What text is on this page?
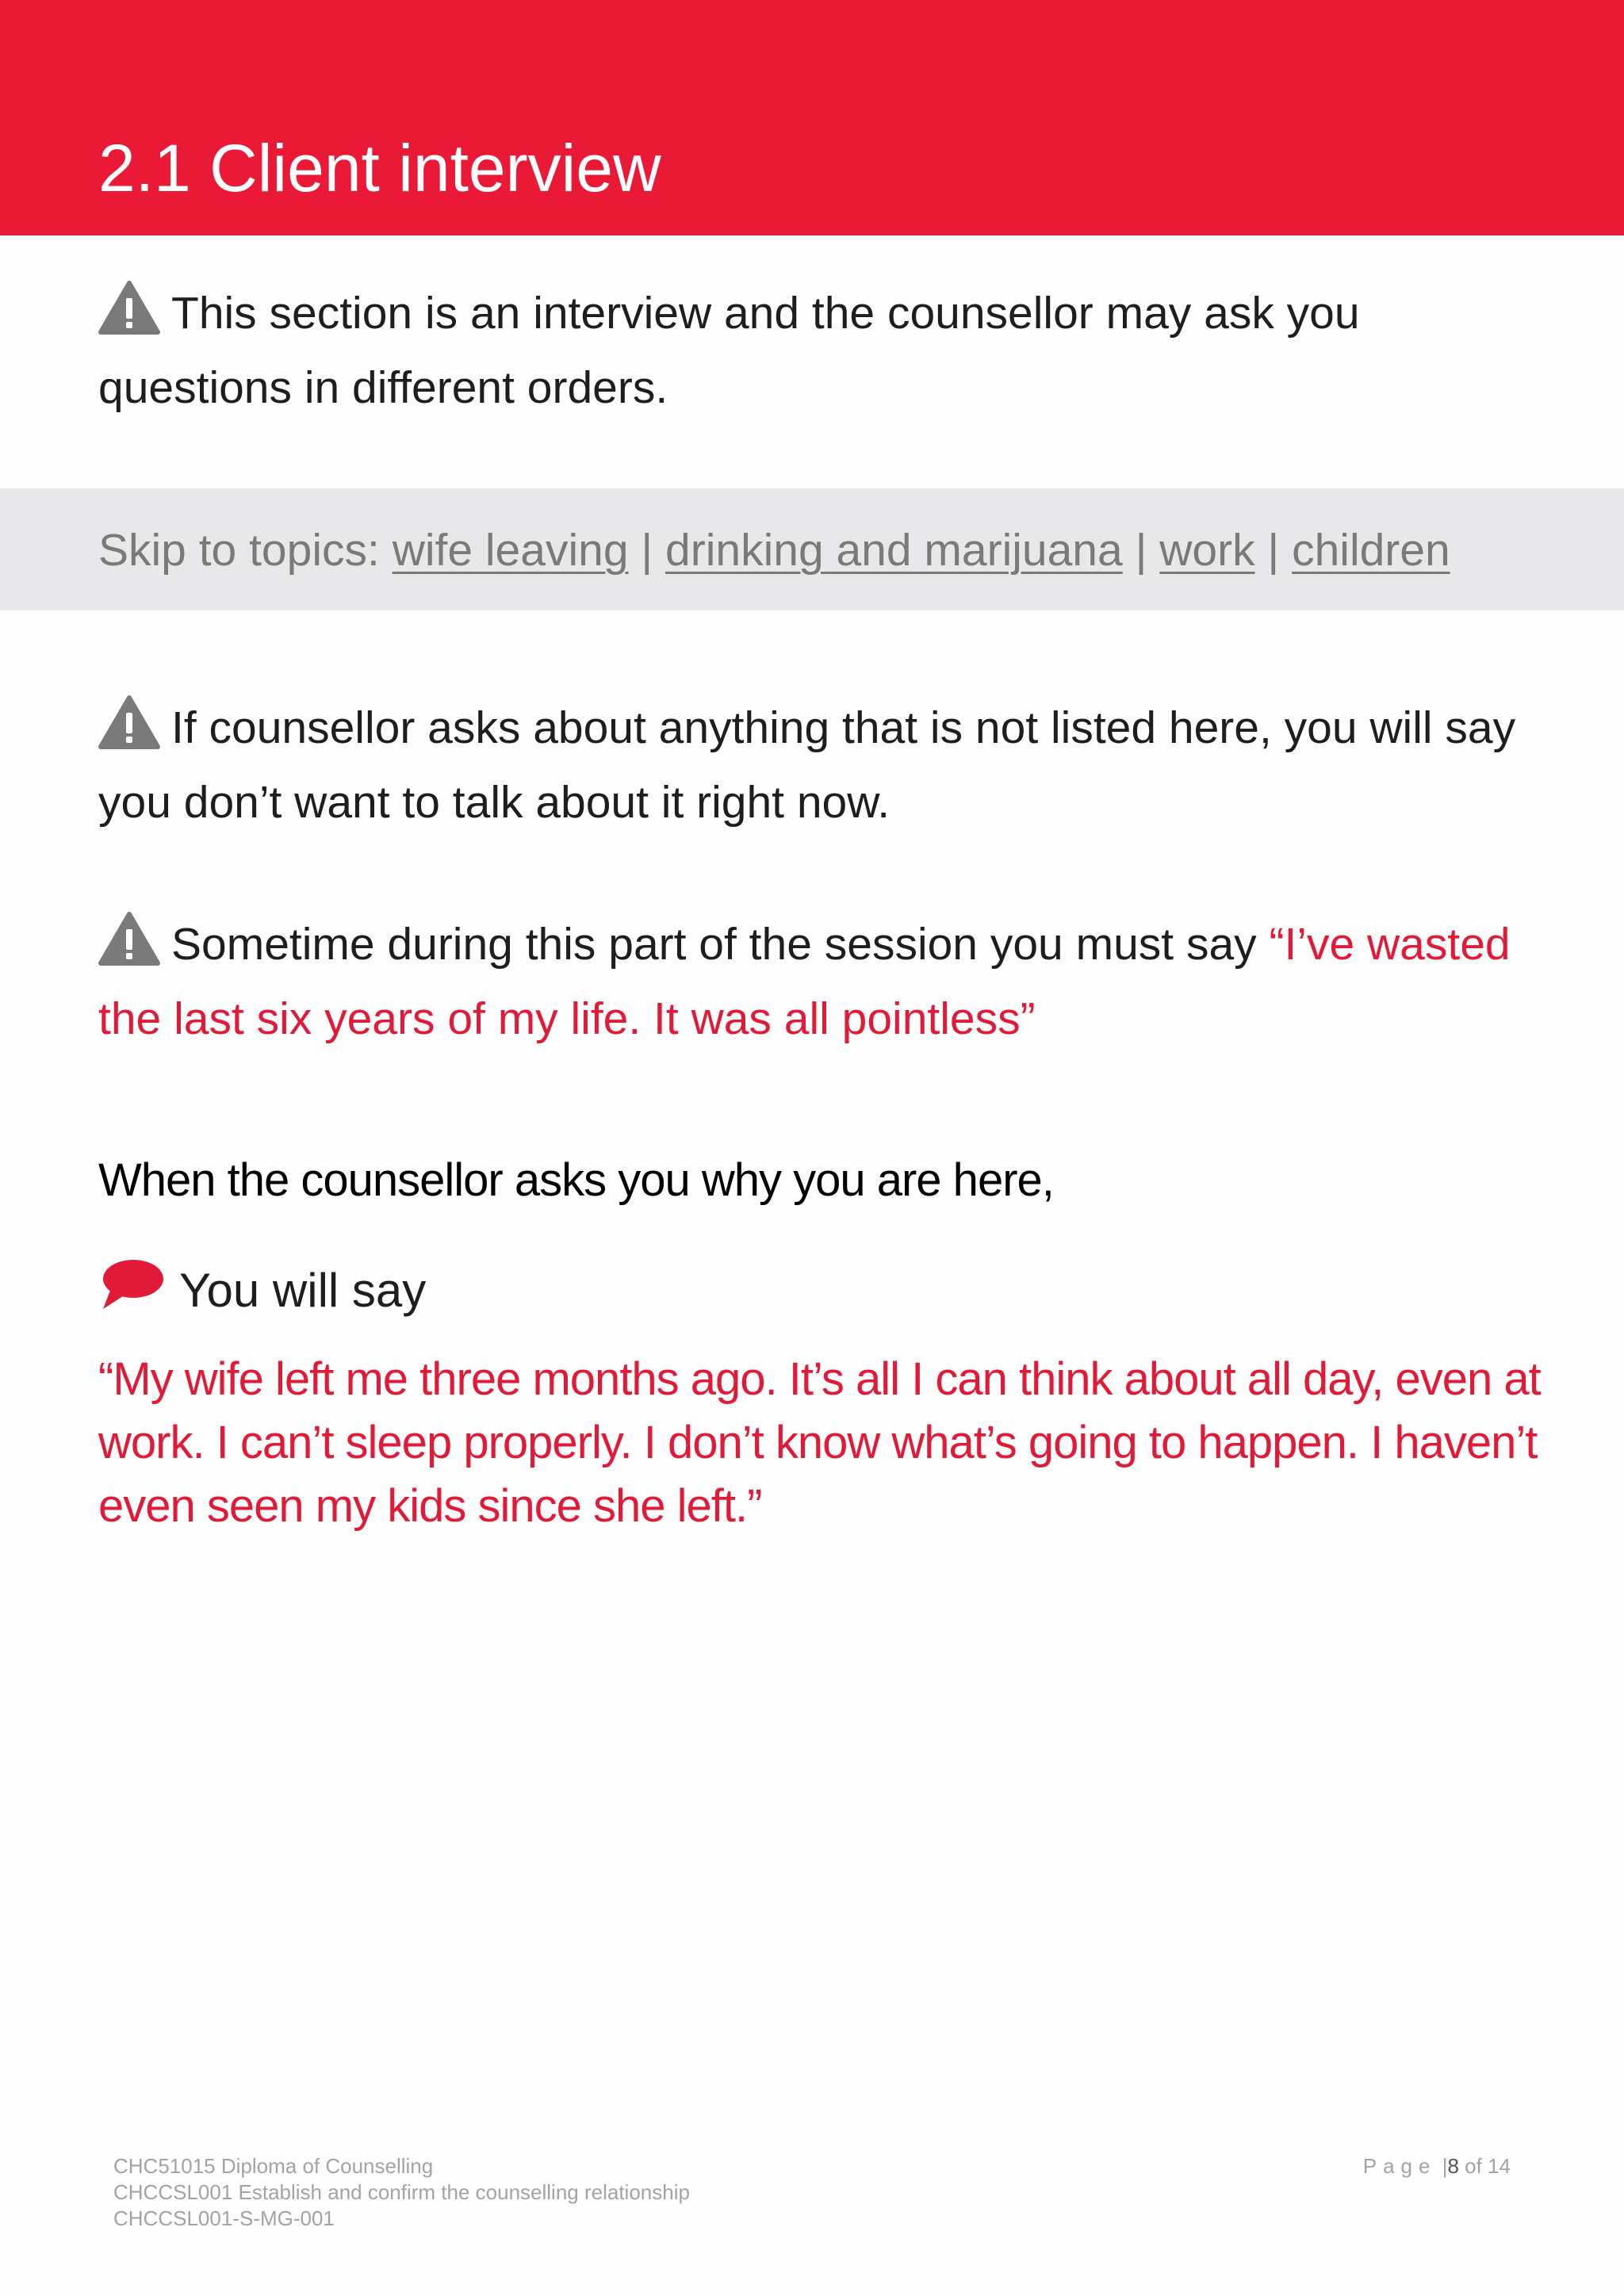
2.1 Client interview
This section is an interview and the counsellor may ask you questions in different orders.
Skip to topics: wife leaving | drinking and marijuana | work | children
If counsellor asks about anything that is not listed here, you will say you don’t want to talk about it right now.
Sometime during this part of the session you must say “I’ve wasted the last six years of my life. It was all pointless”
When the counsellor asks you why you are here,
You will say
“My wife left me three months ago. It’s all I can think about all day, even at work. I can’t sleep properly. I don’t know what’s going to happen. I haven’t even seen my kids since she left.”
CHC51015 Diploma of Counselling
CHCCSL001 Establish and confirm the counselling relationship
CHCCSL001-S-MG-001
Page |8 of 14
